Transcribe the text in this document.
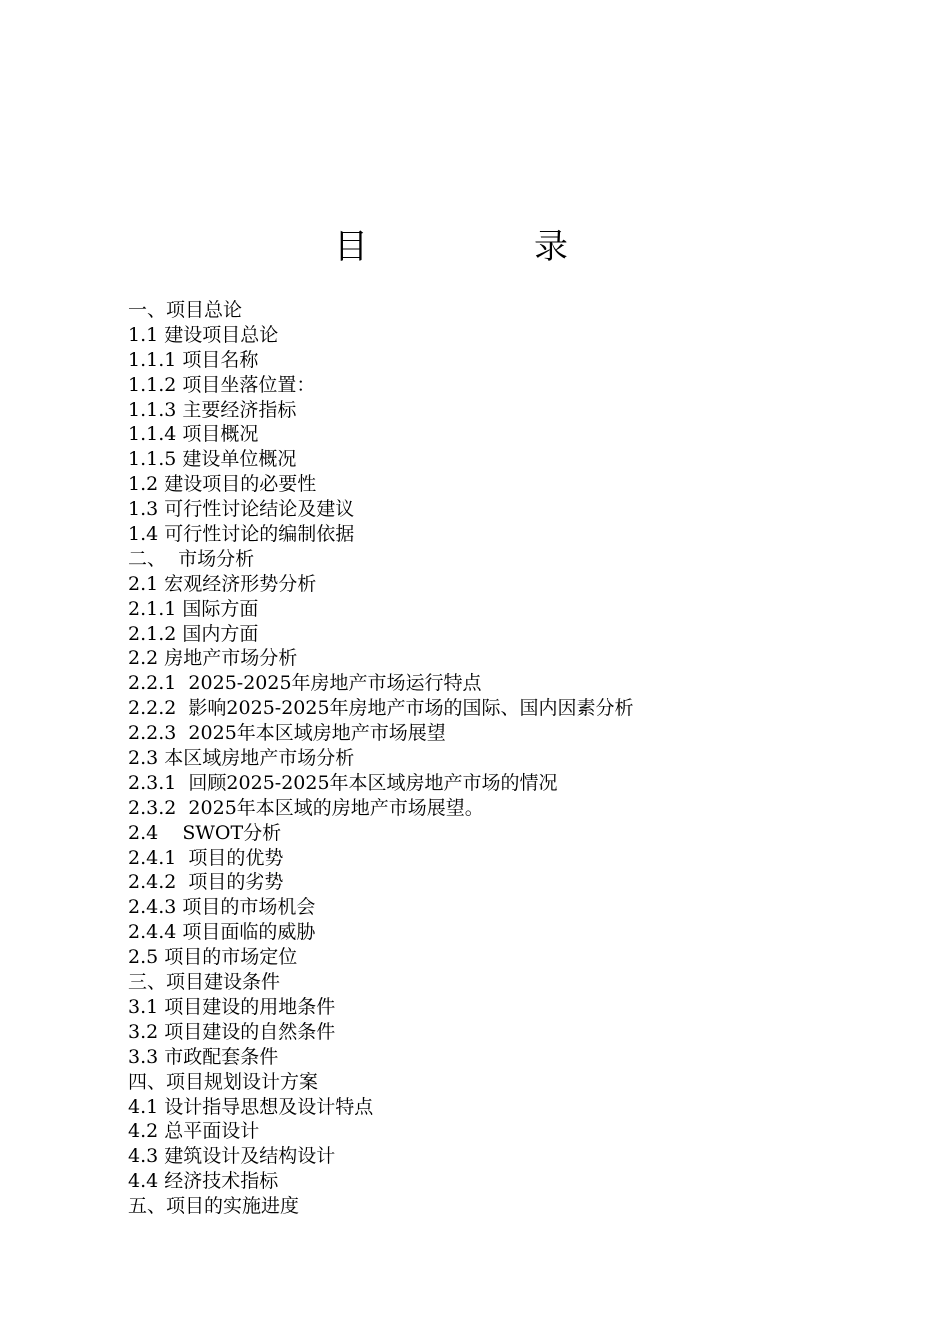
目　录
一、项目总论
1.1 建设项目总论
1.1.1 项目名称
1.1.2 项目坐落位置：
1.1.3 主要经济指标
1.1.4 项目概况
1.1.5 建设单位概况
1.2 建设项目的必要性
1.3 可行性讨论结论及建议
1.4 可行性讨论的编制依据
二、  市场分析
2.1 宏观经济形势分析
2.1.1 国际方面
2.1.2 国内方面
2.2 房地产市场分析
2.2.1  2025-2025年房地产市场运行特点
2.2.2  影响2025-2025年房地产市场的国际、国内因素分析
2.2.3  2025年本区域房地产市场展望
2.3 本区域房地产市场分析
2.3.1  回顾2025-2025年本区域房地产市场的情况
2.3.2  2025年本区域的房地产市场展望。
2.4    SWOT分析
2.4.1  项目的优势
2.4.2  项目的劣势
2.4.3 项目的市场机会
2.4.4 项目面临的威胁
2.5 项目的市场定位
三、项目建设条件
3.1 项目建设的用地条件
3.2 项目建设的自然条件
3.3 市政配套条件
四、项目规划设计方案
4.1 设计指导思想及设计特点
4.2 总平面设计
4.3 建筑设计及结构设计
4.4 经济技术指标
五、项目的实施进度
